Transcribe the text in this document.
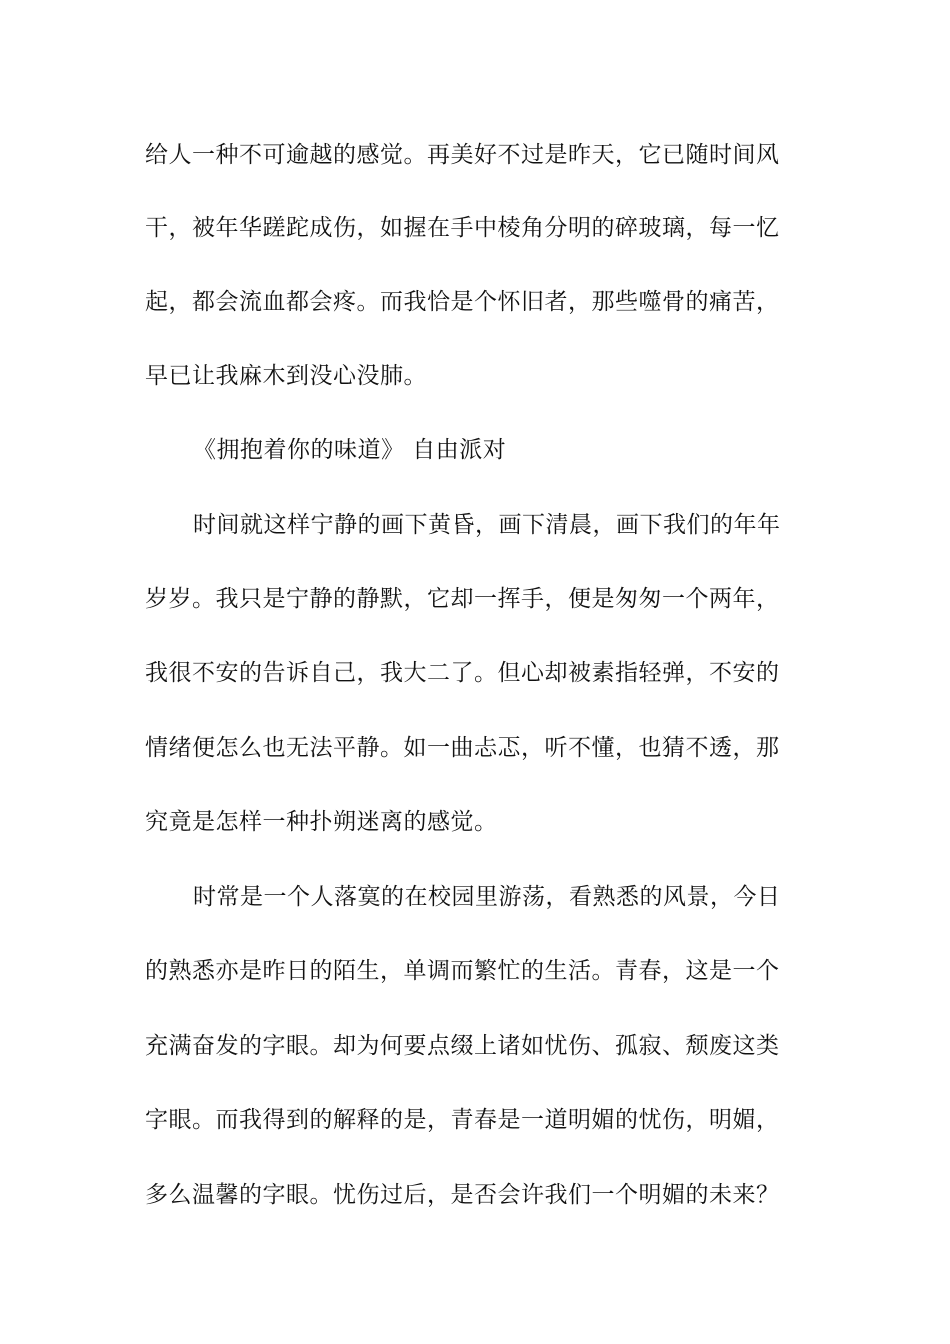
给人一种不可逾越的感觉。再美好不过是昨天，它已随时间风
干，被年华蹉跎成伤，如握在手中棱角分明的碎玻璃，每一忆
起，都会流血都会疼。而我恰是个怀旧者，那些噬骨的痛苦，
早已让我麻木到没心没肺。
《拥抱着你的味道》 自由派对
时间就这样宁静的画下黄昏，画下清晨，画下我们的年年
岁岁。我只是宁静的静默，它却一挥手，便是匆匆一个两年，
我很不安的告诉自己，我大二了。但心却被素指轻弹，不安的
情绪便怎么也无法平静。如一曲忐忑，听不懂，也猜不透，那
究竟是怎样一种扑朔迷离的感觉。
时常是一个人落寞的在校园里游荡，看熟悉的风景，今日
的熟悉亦是昨日的陌生，单调而繁忙的生活。青春，这是一个
充满奋发的字眼。却为何要点缀上诸如忧伤、孤寂、颓废这类
字眼。而我得到的解释的是，青春是一道明媚的忧伤，明媚，
多么温馨的字眼。忧伤过后，是否会许我们一个明媚的未来？
